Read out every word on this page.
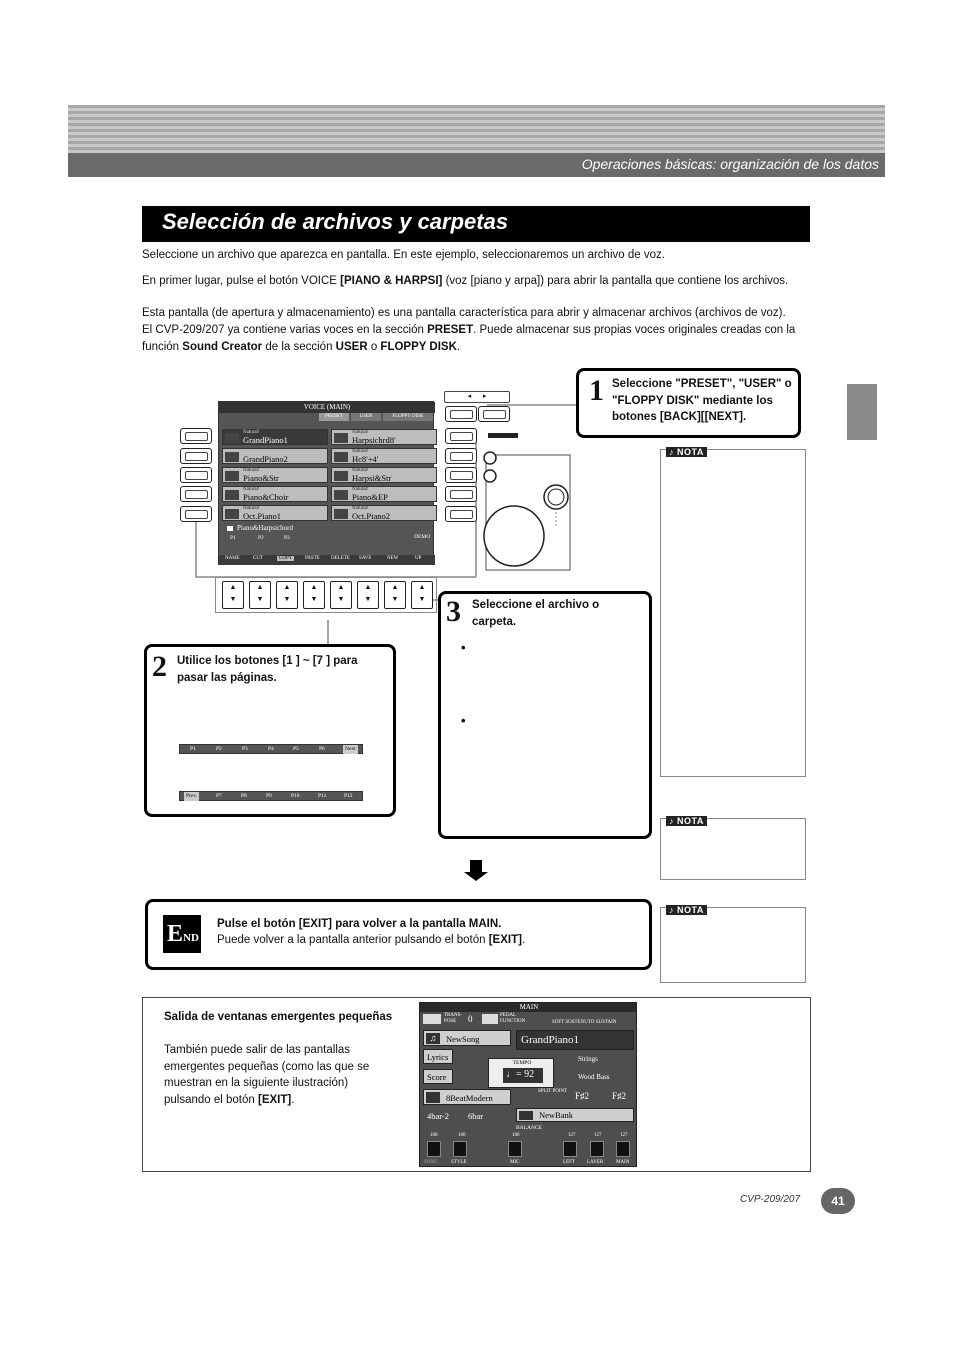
Operaciones básicas: organización de los datos
Selección de archivos y carpetas

Seleccione un archivo que aparezca en pantalla. En este ejemplo, seleccionaremos un archivo de voz.

En primer lugar, pulse el botón VOICE [PIANO & HARPSI] (voz [piano y arpa]) para abrir la pantalla que contiene los archivos.

Esta pantalla (de apertura y almacenamiento) es una pantalla característica para abrir y almacenar archivos (archivos de voz).

El CVP-209/207 ya contiene varias voces en la sección PRESET. Puede almacenar sus propias voces originales creadas con la función Sound Creator de la sección USER o FLOPPY DISK.

◂      ▸
VOICE (MAIN)
PRESET	USER	FLOPPY DISK
Natural!
GrandPiano1
GrandPiano2
Natural!
Piano&Str
Natural!
Piano&Choir
Natural!
Oct.Piano1
Natural!
Harpsichrd8'
Natural!
Hc8'+4'
Natural!
Harpsi&Str
Natural!
Piano&EP
Natural!
Oct.Piano2
Piano&Harpsichord
P1	P2	P3	DEMO
NAME	CUT	COPY	PASTE DELETE SAVE	NEW	UP
▲
▼
▲
▼
▲
▼
▲
▼
▲
▼
▲
▼
▲
▼
▲
▼
1 Seleccione "PRESET", "USER" o "FLOPPY DISK" mediante los botones [BACK][[NEXT].
2 Utilice los botones [1 ] ~ [7 ] para pasar las páginas.
P1	P2	P3	P4	P5	P6	Next
Prev.	P7	P8	P9	P10	P11	P12
3 Seleccione el archivo o carpeta.
•
•
♪ NOTA
♪ NOTA
♪ NOTA
END
Pulse el botón [EXIT] para volver a la pantalla MAIN.
Puede volver a la pantalla anterior pulsando el botón [EXIT].
Salida de ventanas emergentes pequeñas
También puede salir de las pantallas emergentes pequeñas (como las que se muestran en la siguiente ilustración) pulsando el botón [EXIT].
MAIN
TRANS-POSE	0	PEDAL FUNCTION	SOFT SOSTENUTO SUSTAIN
♫	NewSong
Lyrics
Score
GrandPiano1
TEMPO
♩= 92
Strings
Wood Bass
8BeatModern
SPLIT POINT F♯2	F♯2
4bar-2 6bar	NewBank
BALANCE
100	100	100	127	127	127
SONG	STYLE	MIC	LEFT LAYER	MAIN
CVP-209/207	41
